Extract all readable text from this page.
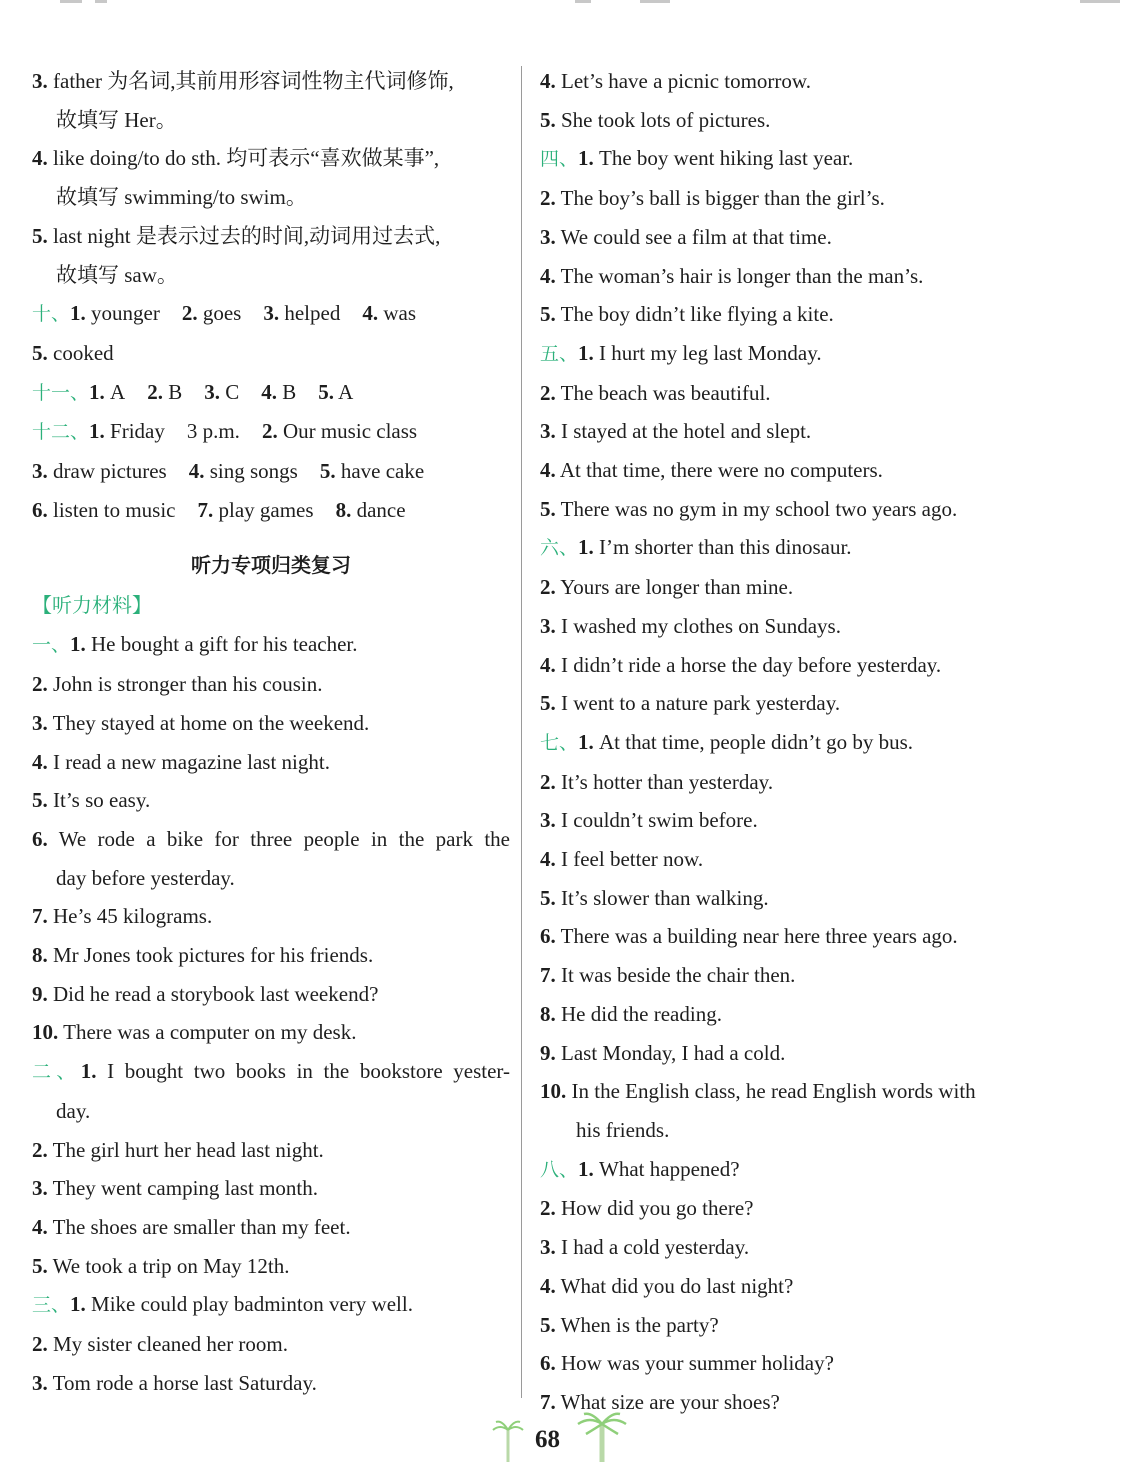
3. father 为名词,其前用形容词性物主代词修饰,
故填写 Her。
4. like doing/to do sth. 均可表示“喜欢做某事”,
故填写 swimming/to swim。
5. last night 是表示过去的时间,动词用过去式,
故填写 saw。
十、1. younger 2. goes 3. helped 4. was
5. cooked
十一、1. A 2. B 3. C 4. B 5. A
十二、1. Friday 3 p.m. 2. Our music class
3. draw pictures 4. sing songs 5. have cake
6. listen to music 7. play games 8. dance
听力专项归类复习
【听力材料】
一、1. He bought a gift for his teacher.
2. John is stronger than his cousin.
3. They stayed at home on the weekend.
4. I read a new magazine last night.
5. It’s so easy.
6. We rode a bike for three people in the park the
day before yesterday.
7. He’s 45 kilograms.
8. Mr Jones took pictures for his friends.
9. Did he read a storybook last weekend?
10. There was a computer on my desk.
二、1. I bought two books in the bookstore yester-
day.
2. The girl hurt her head last night.
3. They went camping last month.
4. The shoes are smaller than my feet.
5. We took a trip on May 12th.
三、1. Mike could play badminton very well.
2. My sister cleaned her room.
3. Tom rode a horse last Saturday.
4. Let’s have a picnic tomorrow.
5. She took lots of pictures.
四、1. The boy went hiking last year.
2. The boy’s ball is bigger than the girl’s.
3. We could see a film at that time.
4. The woman’s hair is longer than the man’s.
5. The boy didn’t like flying a kite.
五、1. I hurt my leg last Monday.
2. The beach was beautiful.
3. I stayed at the hotel and slept.
4. At that time, there were no computers.
5. There was no gym in my school two years ago.
六、1. I’m shorter than this dinosaur.
2. Yours are longer than mine.
3. I washed my clothes on Sundays.
4. I didn’t ride a horse the day before yesterday.
5. I went to a nature park yesterday.
七、1. At that time, people didn’t go by bus.
2. It’s hotter than yesterday.
3. I couldn’t swim before.
4. I feel better now.
5. It’s slower than walking.
6. There was a building near here three years ago.
7. It was beside the chair then.
8. He did the reading.
9. Last Monday, I had a cold.
10. In the English class, he read English words with
his friends.
八、1. What happened?
2. How did you go there?
3. I had a cold yesterday.
4. What did you do last night?
5. When is the party?
6. How was your summer holiday?
7. What size are your shoes?
68
